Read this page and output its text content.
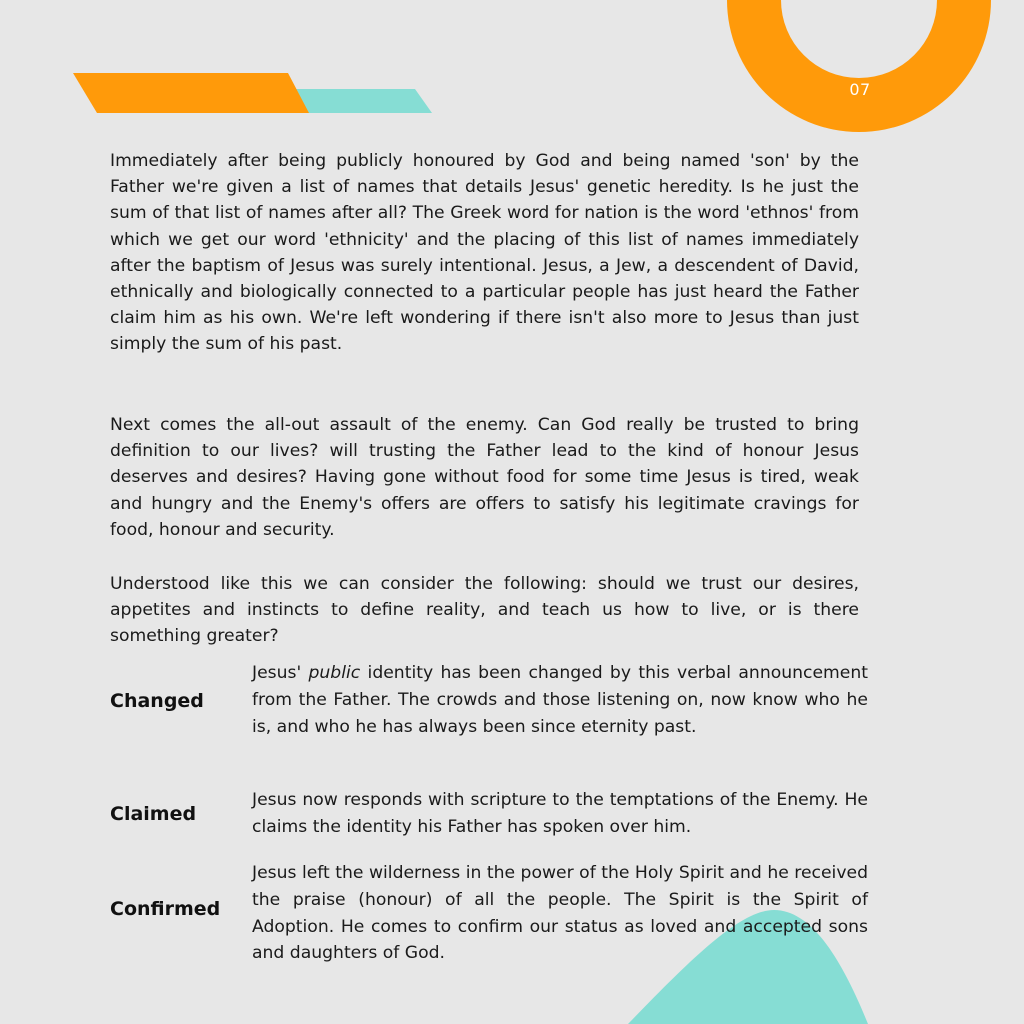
07

Immediately after being publicly honoured by God and being named 'son' by the Father we're given a list of names that details Jesus' genetic heredity. Is he just the sum of that list of names after all? The Greek word for nation is the word 'ethnos' from which we get our word 'ethnicity' and the placing of this list of names immediately after the baptism of Jesus was surely intentional. Jesus, a Jew, a descendent of David, ethnically and biologically connected to a particular people has just heard the Father claim him as his own. We're left wondering if there isn't also more to Jesus than just simply the sum of his past.

Next comes the all-out assault of the enemy. Can God really be trusted to bring definition to our lives? will trusting the Father lead to the kind of honour Jesus deserves and desires? Having gone without food for some time Jesus is tired, weak and hungry and the Enemy's offers are offers to satisfy his legitimate cravings for food, honour and security.

Understood like this we can consider the following: should we trust our desires, appetites and instincts to define reality, and teach us how to live, or is there something greater?

Changed

Jesus' public identity has been changed by this verbal announcement from the Father. The crowds and those listening on, now know who he is, and who he has always been since eternity past.

Claimed

Jesus now responds with scripture to the temptations of the Enemy. He claims the identity his Father has spoken over him.

Confirmed

Jesus left the wilderness in the power of the Holy Spirit and he received the praise (honour) of all the people. The Spirit is the Spirit of Adoption. He comes to confirm our status as loved and accepted sons and daughters of God.
